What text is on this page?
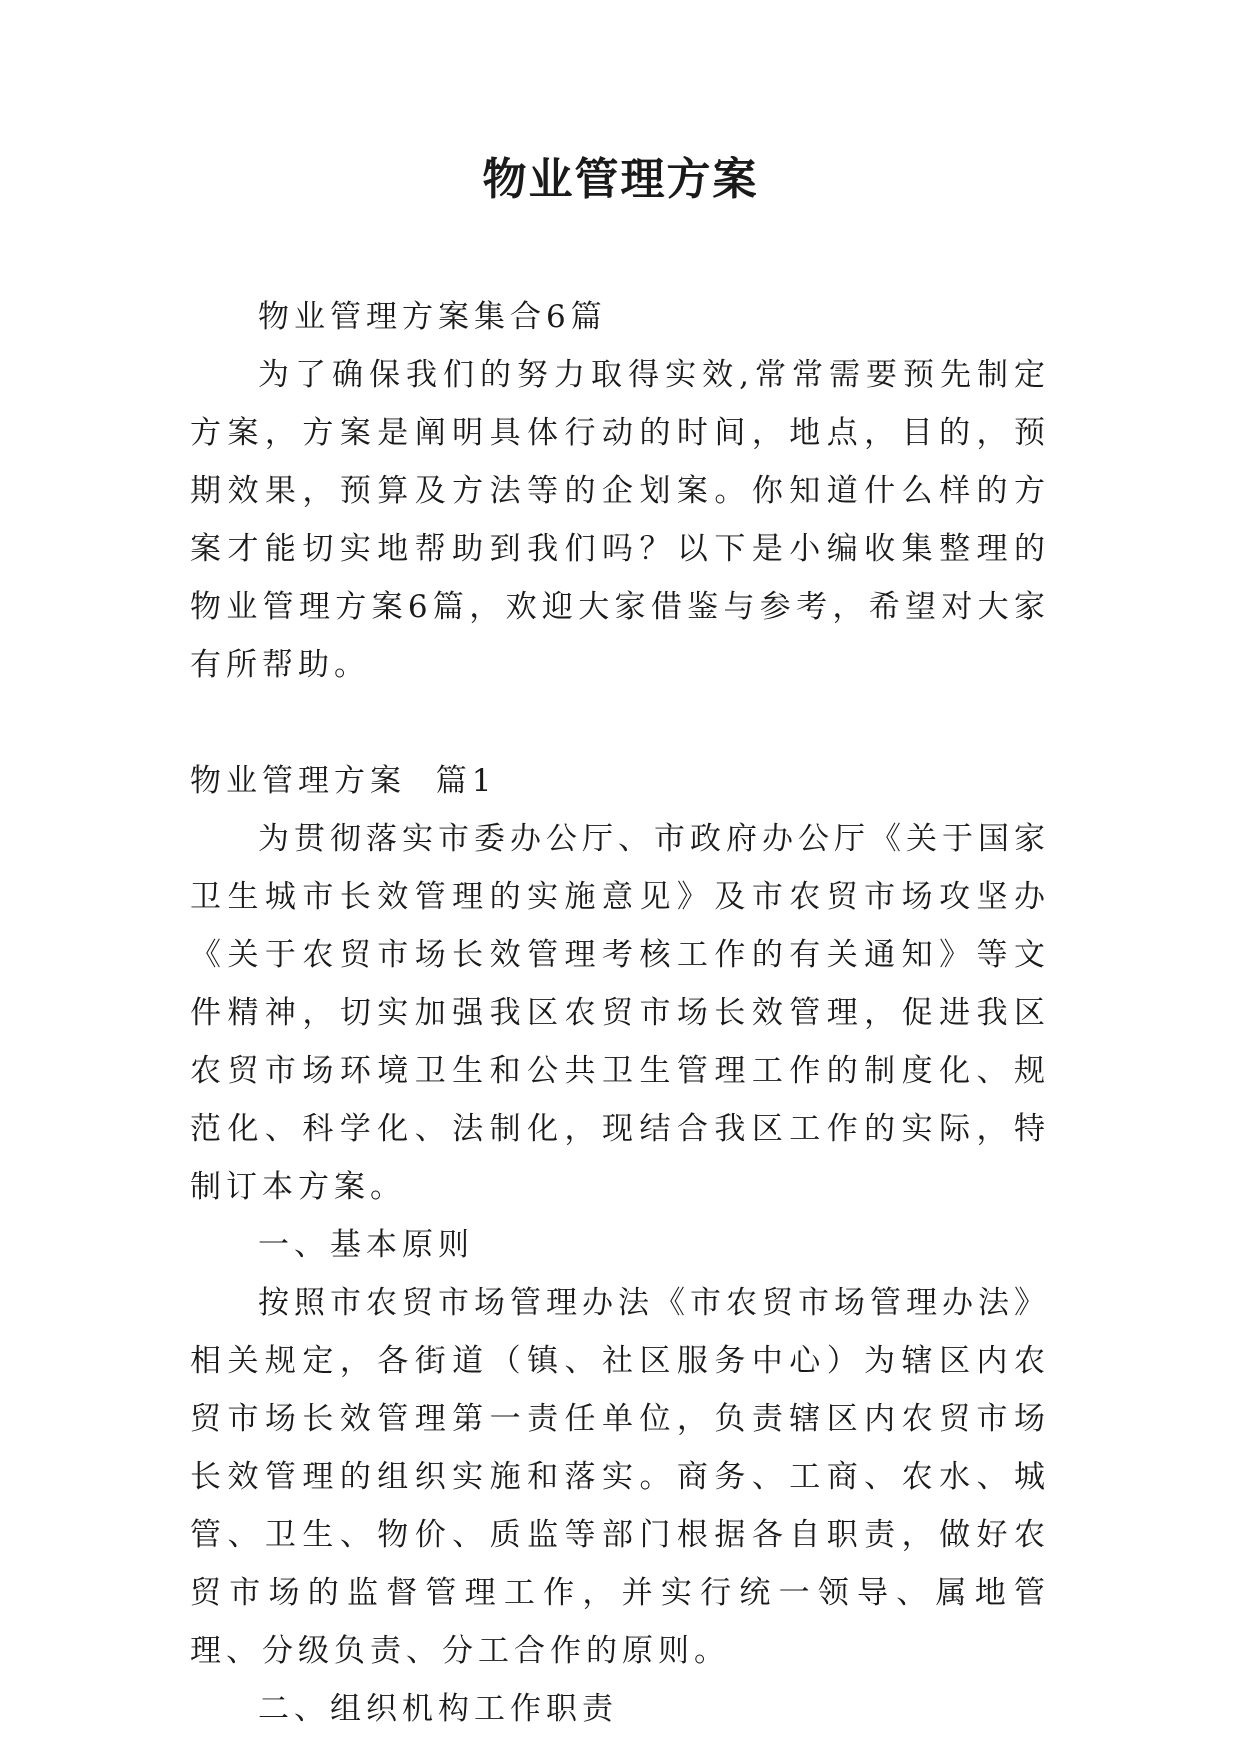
物业管理方案

物业管理方案集合6篇

为了确保我们的努力取得实效,常常需要预先制定方案，方案是阐明具体行动的时间，地点，目的，预期效果，预算及方法等的企划案。你知道什么样的方案才能切实地帮助到我们吗？以下是小编收集整理的物业管理方案6篇，欢迎大家借鉴与参考，希望对大家有所帮助。

物业管理方案  篇1

为贯彻落实市委办公厅、市政府办公厅《关于国家卫生城市长效管理的实施意见》及市农贸市场攻坚办《关于农贸市场长效管理考核工作的有关通知》等文件精神，切实加强我区农贸市场长效管理，促进我区农贸市场环境卫生和公共卫生管理工作的制度化、规范化、科学化、法制化，现结合我区工作的实际，特制订本方案。

一、基本原则

按照市农贸市场管理办法《市农贸市场管理办法》相关规定，各街道（镇、社区服务中心）为辖区内农贸市场长效管理第一责任单位，负责辖区内农贸市场长效管理的组织实施和落实。商务、工商、农水、城管、卫生、物价、质监等部门根据各自职责，做好农贸市场的监督管理工作，并实行统一领导、属地管理、分级负责、分工合作的原则。

二、组织机构工作职责
